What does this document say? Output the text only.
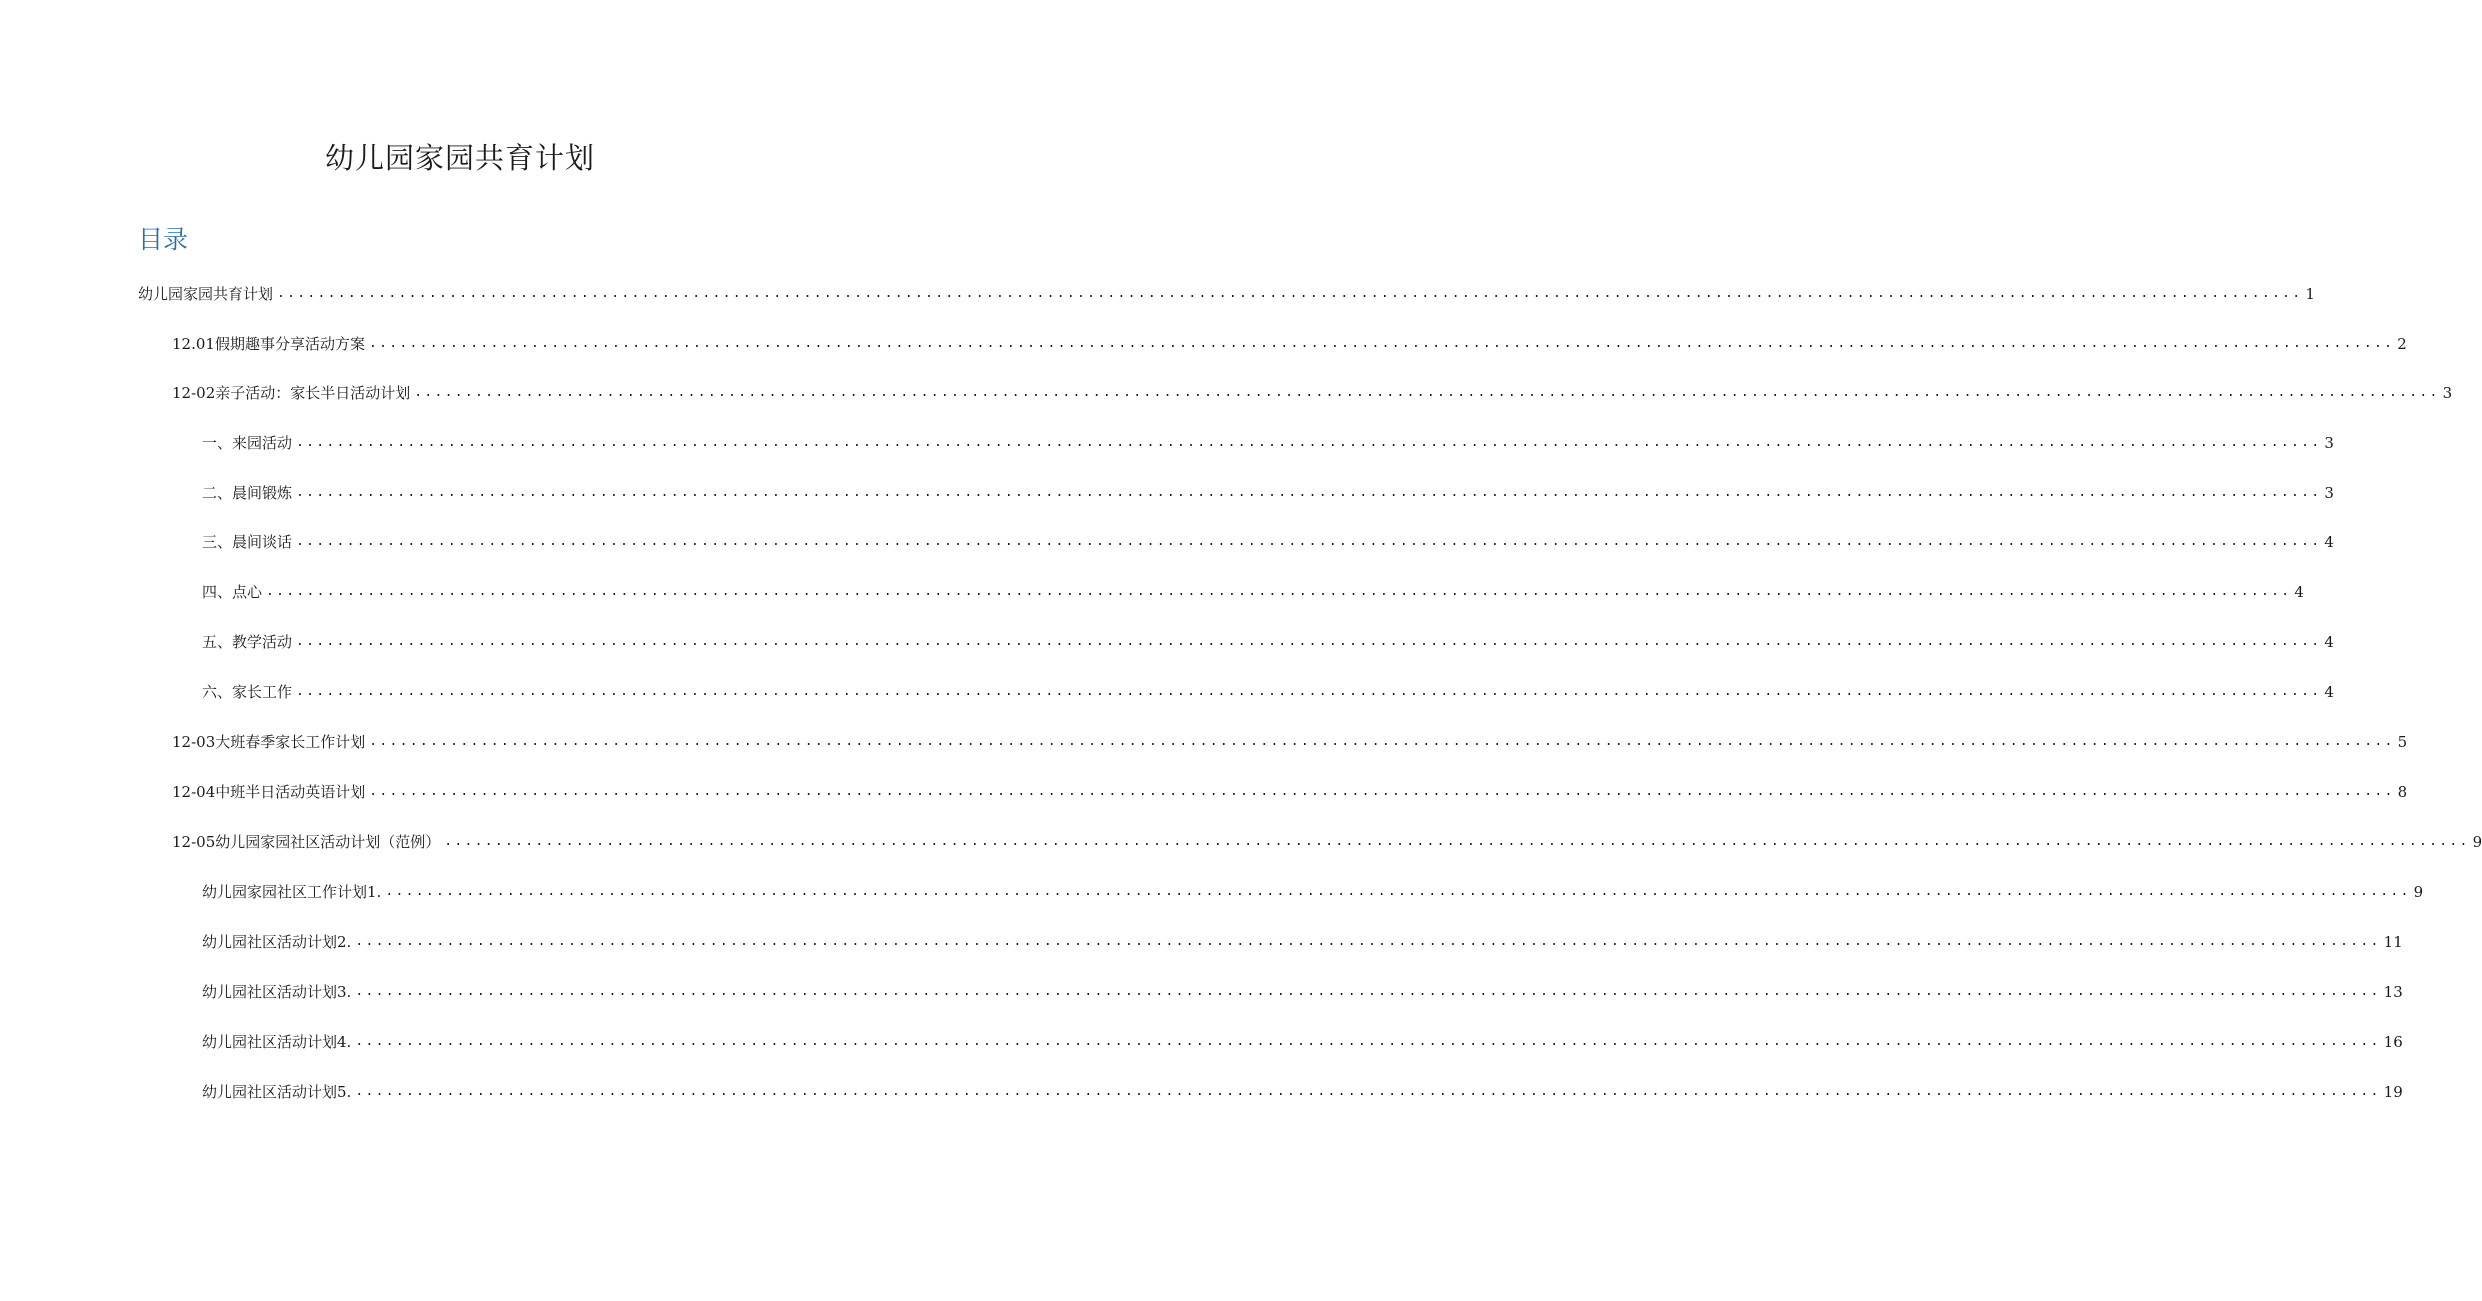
幼儿园家园共育计划
目录
幼儿园家园共育计划 ........................................................................................................................................................................................................ 1
12.01假期趣事分享活动方案 ........................................................................................................................................................................................................ 2
12-02亲子活动：家长半日活动计划 ........................................................................................................................................................................................................ 3
一、来园活动 ........................................................................................................................................................................................................ 3
二、晨间锻炼 ........................................................................................................................................................................................................ 3
三、晨间谈话 ........................................................................................................................................................................................................ 4
四、点心 ........................................................................................................................................................................................................ 4
五、教学活动 ........................................................................................................................................................................................................ 4
六、家长工作 ........................................................................................................................................................................................................ 4
12-03大班春季家长工作计划 ........................................................................................................................................................................................................ 5
12-04中班半日活动英语计划 ........................................................................................................................................................................................................ 8
12-05幼儿园家园社区活动计划（范例） ........................................................................................................................................................................................................ 9
幼儿园家园社区工作计划1. ........................................................................................................................................................................................................ 9
幼儿园社区活动计划2. ........................................................................................................................................................................................................ 11
幼儿园社区活动计划3. ........................................................................................................................................................................................................ 13
幼儿园社区活动计划4. ........................................................................................................................................................................................................ 16
幼儿园社区活动计划5. ........................................................................................................................................................................................................ 19
